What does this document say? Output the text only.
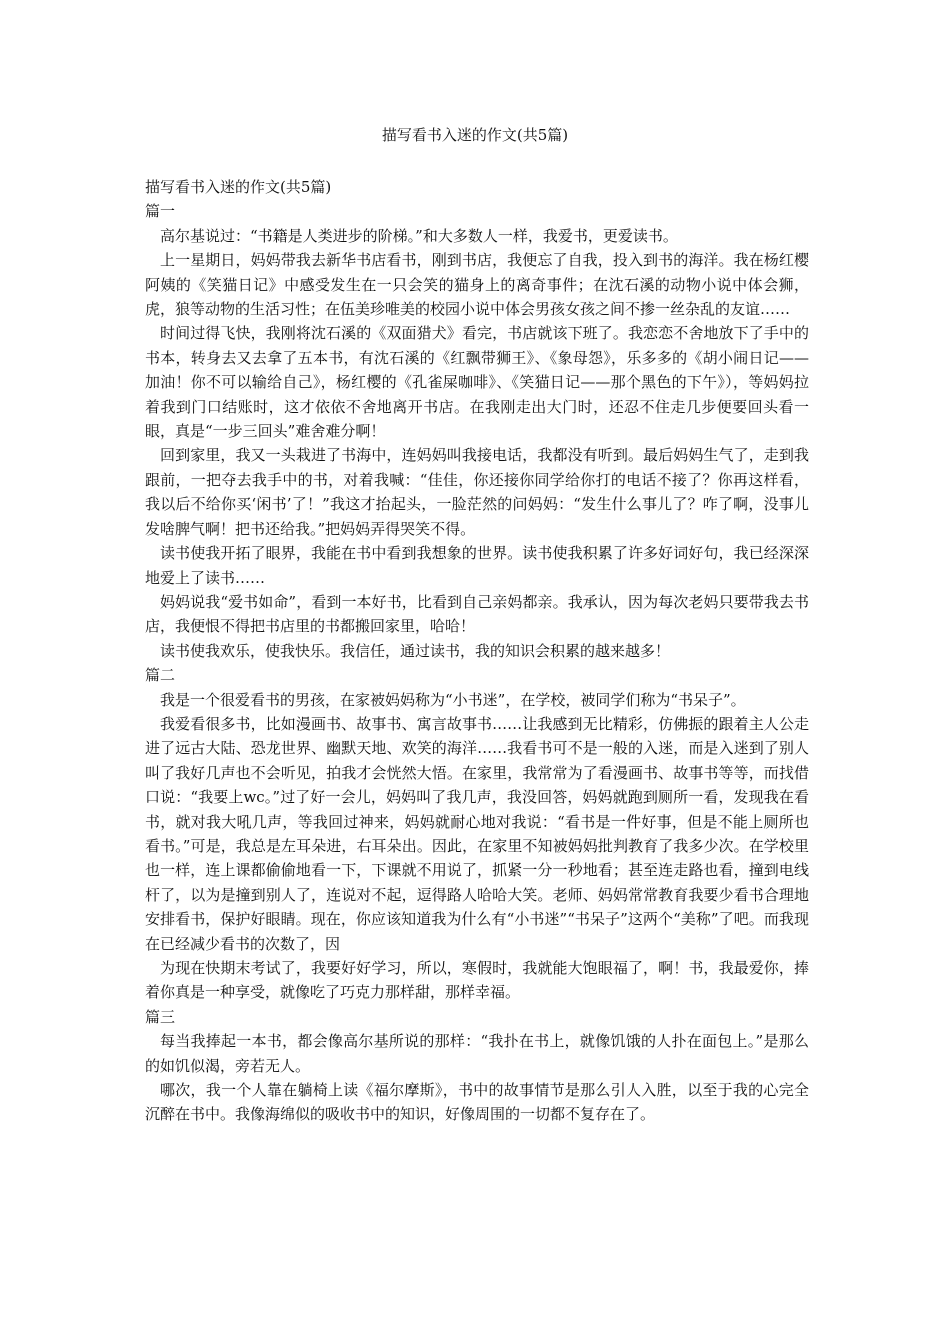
描写看书入迷的作文(共5篇)

描写看书入迷的作文(共5篇)

篇一

高尔基说过：“书籍是人类进步的阶梯。”和大多数人一样，我爱书，更爱读书。

上一星期日，妈妈带我去新华书店看书，刚到书店，我便忘了自我，投入到书的海洋。我在杨红樱阿姨的《笑猫日记》中感受发生在一只会笑的猫身上的离奇事件；在沈石溪的动物小说中体会狮，虎，狼等动物的生活习性；在伍美珍唯美的校园小说中体会男孩女孩之间不掺一丝杂乱的友谊……

时间过得飞快，我刚将沈石溪的《双面猎犬》看完，书店就该下班了。我恋恋不舍地放下了手中的书本，转身去又去拿了五本书，有沈石溪的《红飘带狮王》、《象母怨》，乐多多的《胡小闹日记——加油！你不可以输给自己》，杨红樱的《孔雀屎咖啡》、《笑猫日记——那个黑色的下午》），等妈妈拉着我到门口结账时，这才依依不舍地离开书店。在我刚走出大门时，还忍不住走几步便要回头看一眼，真是“一步三回头”难舍难分啊！

回到家里，我又一头栽进了书海中，连妈妈叫我接电话，我都没有听到。最后妈妈生气了，走到我跟前，一把夺去我手中的书，对着我喊：“佳佳，你还接你同学给你打的电话不接了？你再这样看，我以后不给你买‘闲书’了！”我这才抬起头，一脸茫然的问妈妈：“发生什么事儿了？咋了啊，没事儿发啥脾气啊！把书还给我。”把妈妈弄得哭笑不得。

读书使我开拓了眼界，我能在书中看到我想象的世界。读书使我积累了许多好词好句，我已经深深地爱上了读书……

妈妈说我“爱书如命”，看到一本好书，比看到自己亲妈都亲。我承认，因为每次老妈只要带我去书店，我便恨不得把书店里的书都搬回家里，哈哈！

读书使我欢乐，使我快乐。我信任，通过读书，我的知识会积累的越来越多！

篇二

我是一个很爱看书的男孩，在家被妈妈称为“小书迷”，在学校，被同学们称为“书呆子”。

我爱看很多书，比如漫画书、故事书、寓言故事书……让我感到无比精彩，仿佛振的跟着主人公走进了远古大陆、恐龙世界、幽默天地、欢笑的海洋……我看书可不是一般的入迷，而是入迷到了别人叫了我好几声也不会听见，拍我才会恍然大悟。在家里，我常常为了看漫画书、故事书等等，而找借口说：“我要上wc。”过了好一会儿，妈妈叫了我几声，我没回答，妈妈就跑到厕所一看，发现我在看书，就对我大吼几声，等我回过神来，妈妈就耐心地对我说：“看书是一件好事，但是不能上厕所也看书。”可是，我总是左耳朵进，右耳朵出。因此，在家里不知被妈妈批判教育了我多少次。在学校里也一样，连上课都偷偷地看一下，下课就不用说了，抓紧一分一秒地看；甚至连走路也看，撞到电线杆了，以为是撞到别人了，连说对不起，逗得路人哈哈大笑。老师、妈妈常常教育我要少看书合理地安排看书，保护好眼睛。现在，你应该知道我为什么有“小书迷”“书呆子”这两个“美称”了吧。而我现在已经减少看书的次数了，因

为现在快期末考试了，我要好好学习，所以，寒假时，我就能大饱眼福了，啊！书，我最爱你，捧着你真是一种享受，就像吃了巧克力那样甜，那样幸福。

篇三

每当我捧起一本书，都会像高尔基所说的那样：“我扑在书上，就像饥饿的人扑在面包上。”是那么的如饥似渴，旁若无人。

哪次，我一个人靠在躺椅上读《福尔摩斯》，书中的故事情节是那么引人入胜，以至于我的心完全沉醉在书中。我像海绵似的吸收书中的知识，好像周围的一切都不复存在了。
